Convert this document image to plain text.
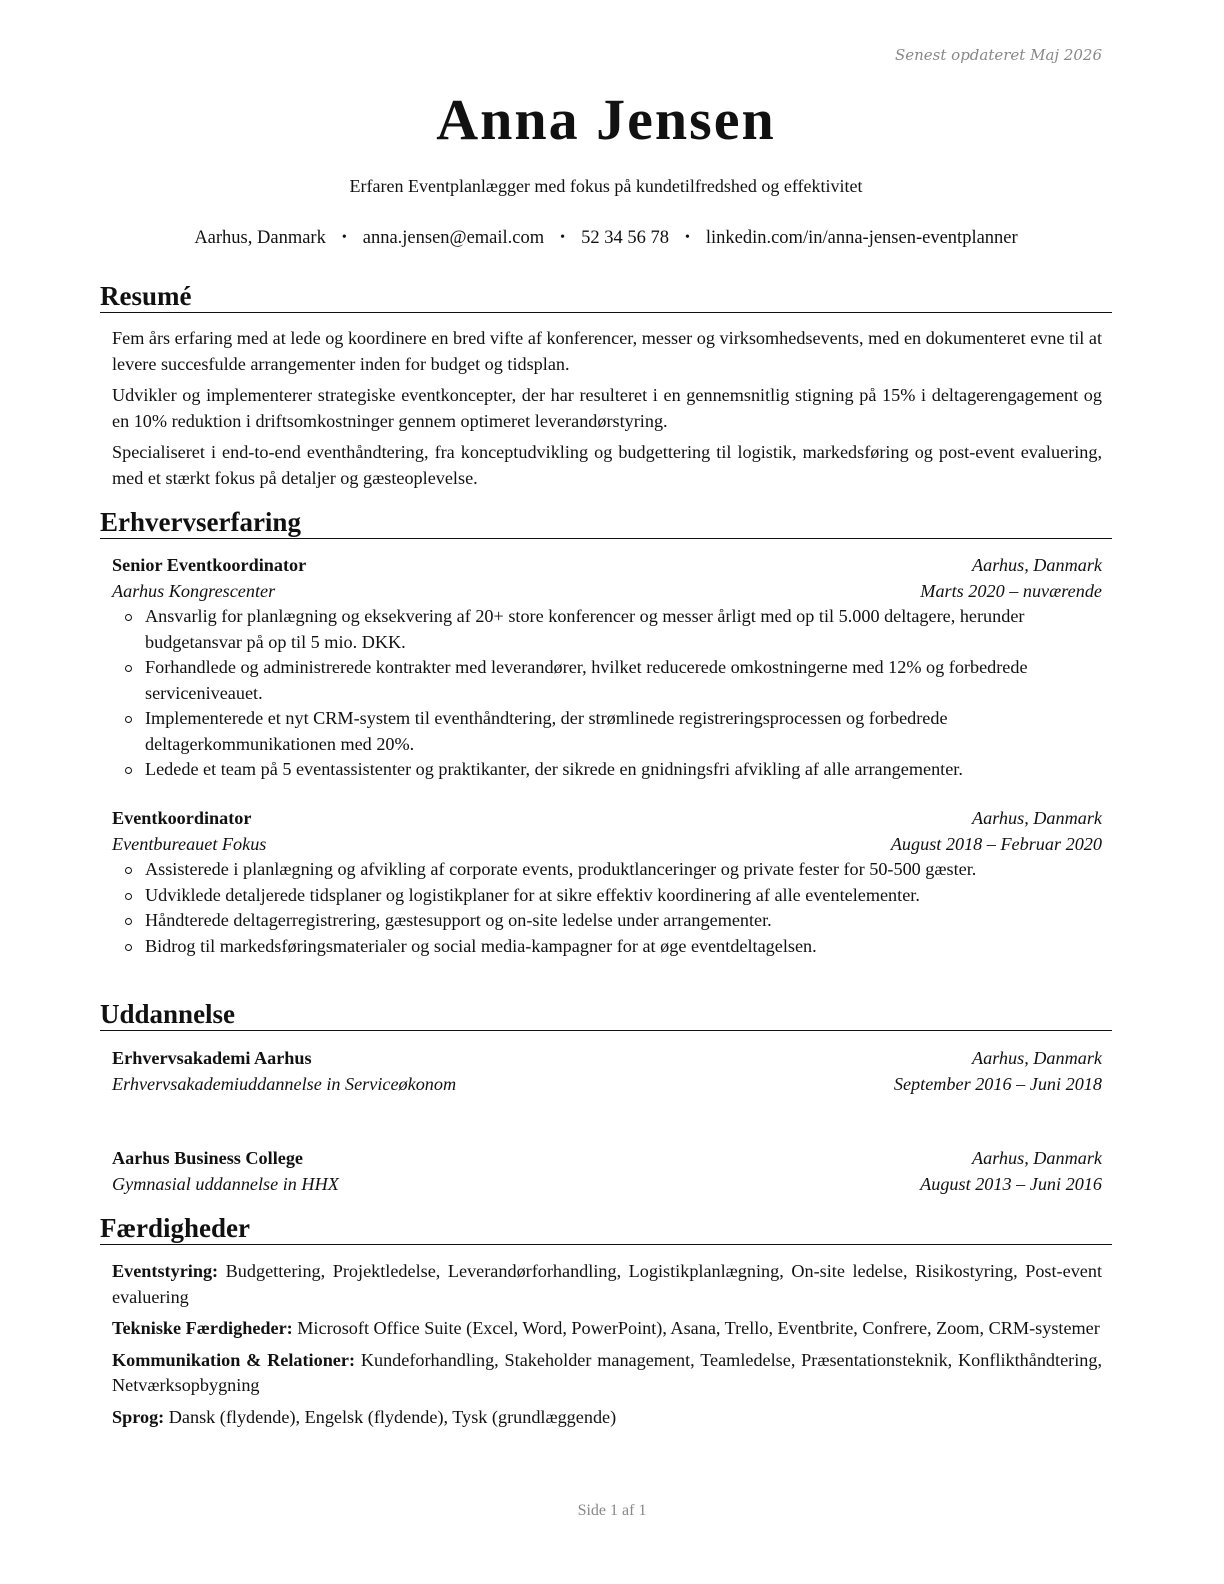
Senest opdateret Maj 2026
Anna Jensen
Erfaren Eventplanlægger med fokus på kundetilfredshed og effektivitet
Aarhus, Danmark • anna.jensen@email.com • 52 34 56 78 • linkedin.com/in/anna-jensen-eventplanner
Resumé

Fem års erfaring med at lede og koordinere en bred vifte af konferencer, messer og virksomhedsevents, med en dokumenteret evne til at levere succesfulde arrangementer inden for budget og tidsplan.

Udvikler og implementerer strategiske eventkoncepter, der har resulteret i en gennemsnitlig stigning på 15% i deltagerengagement og en 10% reduktion i driftsomkostninger gennem optimeret leverandørstyring.

Specialiseret i end-to-end eventhåndtering, fra konceptudvikling og budgettering til logistik, markedsføring og post-event evaluering, med et stærkt fokus på detaljer og gæsteoplevelse.

Erhvervserfaring
Senior Eventkoordinator	Aarhus, Danmark
Aarhus Kongrescenter	Marts 2020 – nuværende
Ansvarlig for planlægning og eksekvering af 20+ store konferencer og messer årligt med op til 5.000 deltagere, herunder budgetansvar på op til 5 mio. DKK.
Forhandlede og administrerede kontrakter med leverandører, hvilket reducerede omkostningerne med 12% og forbedrede serviceniveauet.
Implementerede et nyt CRM-system til eventhåndtering, der strømlinede registreringsprocessen og forbedrede deltagerkommunikationen med 20%.
Ledede et team på 5 eventassistenter og praktikanter, der sikrede en gnidningsfri afvikling af alle arrangementer.
Eventkoordinator	Aarhus, Danmark
Eventbureauet Fokus	August 2018 – Februar 2020
Assisterede i planlægning og afvikling af corporate events, produktlanceringer og private fester for 50-500 gæster.
Udviklede detaljerede tidsplaner og logistikplaner for at sikre effektiv koordinering af alle eventelementer.
Håndterede deltagerregistrering, gæstesupport og on-site ledelse under arrangementer.
Bidrog til markedsføringsmaterialer og social media-kampagner for at øge eventdeltagelsen.
Uddannelse
Erhvervsakademi Aarhus	Aarhus, Danmark
Erhvervsakademiuddannelse in Serviceøkonom	September 2016 – Juni 2018
Aarhus Business College	Aarhus, Danmark
Gymnasial uddannelse in HHX	August 2013 – Juni 2016
Færdigheder

Eventstyring: Budgettering, Projektledelse, Leverandørforhandling, Logistikplanlægning, On-site ledelse, Risikostyring, Post-event evaluering

Tekniske Færdigheder: Microsoft Office Suite (Excel, Word, PowerPoint), Asana, Trello, Eventbrite, Confrere, Zoom, CRM-systemer

Kommunikation & Relationer: Kundeforhandling, Stakeholder management, Teamledelse, Præsentationsteknik, Konflikthåndtering, Netværksopbygning

Sprog: Dansk (flydende), Engelsk (flydende), Tysk (grundlæggende)

Side 1 af 1
